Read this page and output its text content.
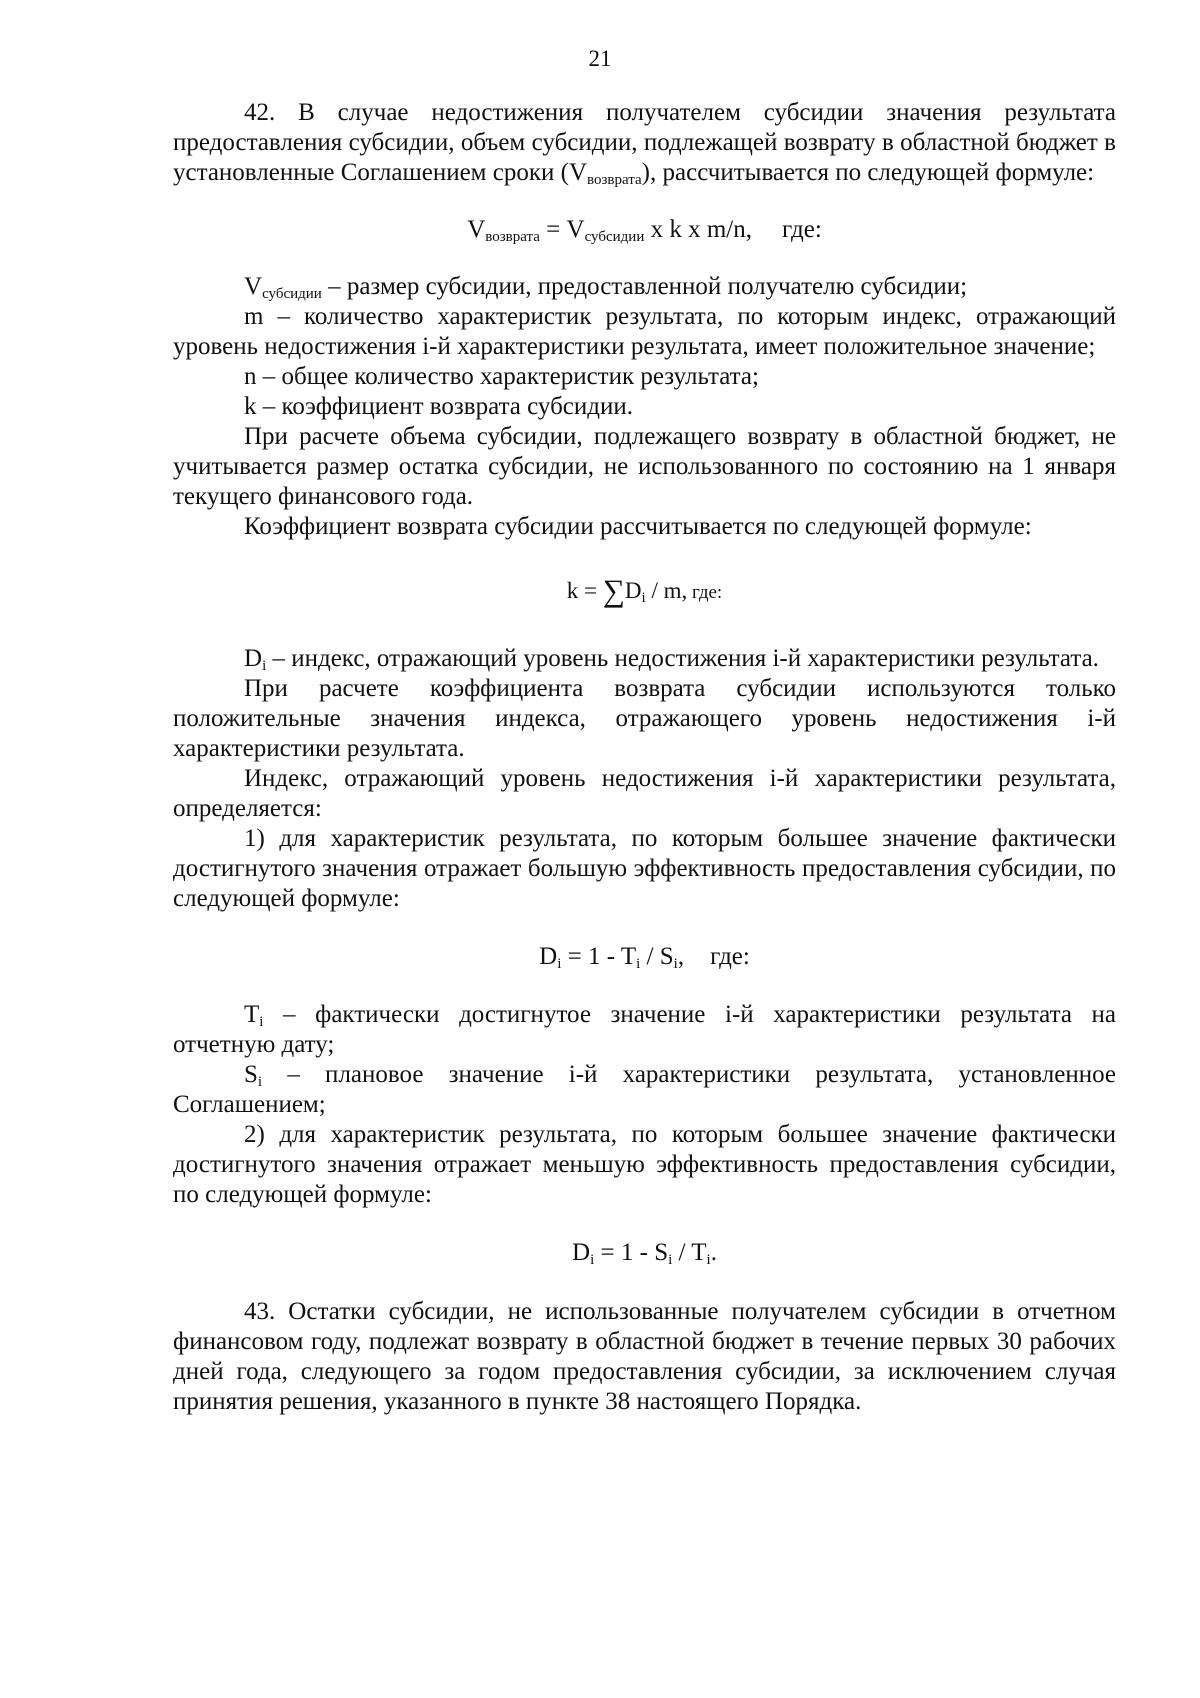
21

42. В случае недостижения получателем субсидии значения результата предоставления субсидии, объем субсидии, подлежащей возврату в областной бюджет в установленные Соглашением сроки $(V_{возврата})$, рассчитывается по следующей формуле:

$V_{возврата} = V_{субсидии}$ x k x m/n, где:

$V_{субсидии}$ – размер субсидии, предоставленной получателю субсидии;

m – количество характеристик результата, по которым индекс, отражающий уровень недостижения i-й характеристики результата, имеет положительное значение;

n – общее количество характеристик результата;

k – коэффициент возврата субсидии.

При расчете объема субсидии, подлежащего возврату в областной бюджет, не учитывается размер остатка субсидии, не использованного по состоянию на 1 января текущего финансового года.

Коэффициент возврата субсидии рассчитывается по следующей формуле:

$k = \sum D_i / m$, где:

$D_i$ – индекс, отражающий уровень недостижения i-й характеристики результата.

При расчете коэффициента возврата субсидии используются только положительные значения индекса, отражающего уровень недостижения i-й характеристики результата.

Индекс, отражающий уровень недостижения i-й характеристики результата, определяется:

1) для характеристик результата, по которым большее значение фактически достигнутого значения отражает большую эффективность предоставления субсидии, по следующей формуле:

$D_i = 1 - T_i / S_i$, где:

$T_i$ – фактически достигнутое значение i-й характеристики результата на отчетную дату;

$S_i$ – плановое значение i-й характеристики результата, установленное Соглашением;

2) для характеристик результата, по которым большее значение фактически достигнутого значения отражает меньшую эффективность предоставления субсидии, по следующей формуле:

$D_i = 1 - S_i / T_i$.

43. Остатки субсидии, не использованные получателем субсидии в отчетном финансовом году, подлежат возврату в областной бюджет в течение первых 30 рабочих дней года, следующего за годом предоставления субсидии, за исключением случая принятия решения, указанного в пункте 38 настоящего Порядка.
